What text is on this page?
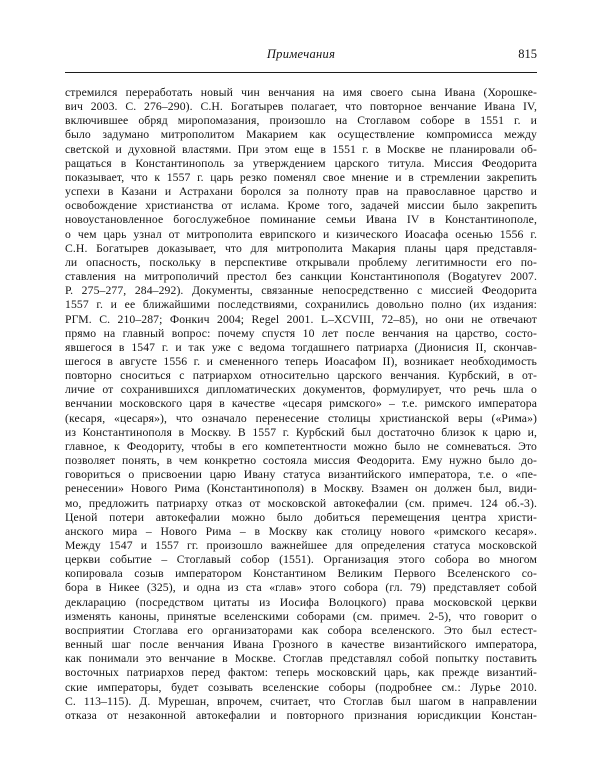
Примечания	815
стремился переработать новый чин венчания на имя своего сына Ивана (Хорошке-
вич 2003. С. 276–290). С.Н. Богатырев полагает, что повторное венчание Ивана IV,
включившее обряд миропомазания, произошло на Стоглавом соборе в 1551 г. и
было задумано митрополитом Макарием как осуществление компромисса между
светской и духовной властями. При этом еще в 1551 г. в Москве не планировали об-
ращаться в Константинополь за утверждением царского титула. Миссия Феодорита
показывает, что к 1557 г. царь резко поменял свое мнение и в стремлении закрепить
успехи в Казани и Астрахани боролся за полноту прав на православное царство и
освобождение христианства от ислама. Кроме того, задачей миссии было закрепить
новоустановленное богослужебное поминание семьи Ивана IV в Константинополе,
о чем царь узнал от митрополита еврипского и кизического Иоасафа осенью 1556 г.
С.Н. Богатырев доказывает, что для митрополита Макария планы царя представля-
ли опасность, поскольку в перспективе открывали проблему легитимности его по-
ставления на митрополичий престол без санкции Константинополя (Bogatyrev 2007.
Р. 275–277, 284–292). Документы, связанные непосредственно с миссией Феодорита
1557 г. и ее ближайшими последствиями, сохранились довольно полно (их издания:
РГМ. С. 210–287; Фонкич 2004; Regel 2001. L–XCVIII, 72–85), но они не отвечают
прямо на главный вопрос: почему спустя 10 лет после венчания на царство, состо-
явшегося в 1547 г. и так уже с ведома тогдашнего патриарха (Дионисия II, скончав-
шегося в августе 1556 г. и смененного теперь Иоасафом II), возникает необходимость
повторно сноситься с патриархом относительно царского венчания. Курбский, в от-
личие от сохранившихся дипломатических документов, формулирует, что речь шла о
венчании московского царя в качестве «цесаря римского» – т.е. римского императора
(кесаря, «цесаря»), что означало перенесение столицы христианской веры («Рима»)
из Константинополя в Москву. В 1557 г. Курбский был достаточно близок к царю и,
главное, к Феодориту, чтобы в его компетентности можно было не сомневаться. Это
позволяет понять, в чем конкретно состояла миссия Феодорита. Ему нужно было до-
говориться о присвоении царю Ивану статуса византийского императора, т.е. о «пе-
ренесении» Нового Рима (Константинополя) в Москву. Взамен он должен был, види-
мо, предложить патриарху отказ от московской автокефалии (см. примеч. 124 об.-3).
Ценой потери автокефалии можно было добиться перемещения центра христи-
анского мира – Нового Рима – в Москву как столицу нового «римского кесаря».
Между 1547 и 1557 гг. произошло важнейшее для определения статуса московской
церкви событие – Стоглавый собор (1551). Организация этого собора во многом
копировала созыв императором Константином Великим Первого Вселенского со-
бора в Никее (325), и одна из ста «глав» этого собора (гл. 79) представляет собой
декларацию (посредством цитаты из Иосифа Волоцкого) права московской церкви
изменять каноны, принятые вселенскими соборами (см. примеч. 2-5), что говорит о
восприятии Стоглава его организаторами как собора вселенского. Это был естест-
венный шаг после венчания Ивана Грозного в качестве византийского императора,
как понимали это венчание в Москве. Стоглав представлял собой попытку поставить
восточных патриархов перед фактом: теперь московский царь, как прежде византий-
ские императоры, будет созывать вселенские соборы (подробнее см.: Лурье 2010.
С. 113–115). Д. Мурешан, впрочем, считает, что Стоглав был шагом в направлении
отказа от незаконной автокефалии и повторного признания юрисдикции Констан-
